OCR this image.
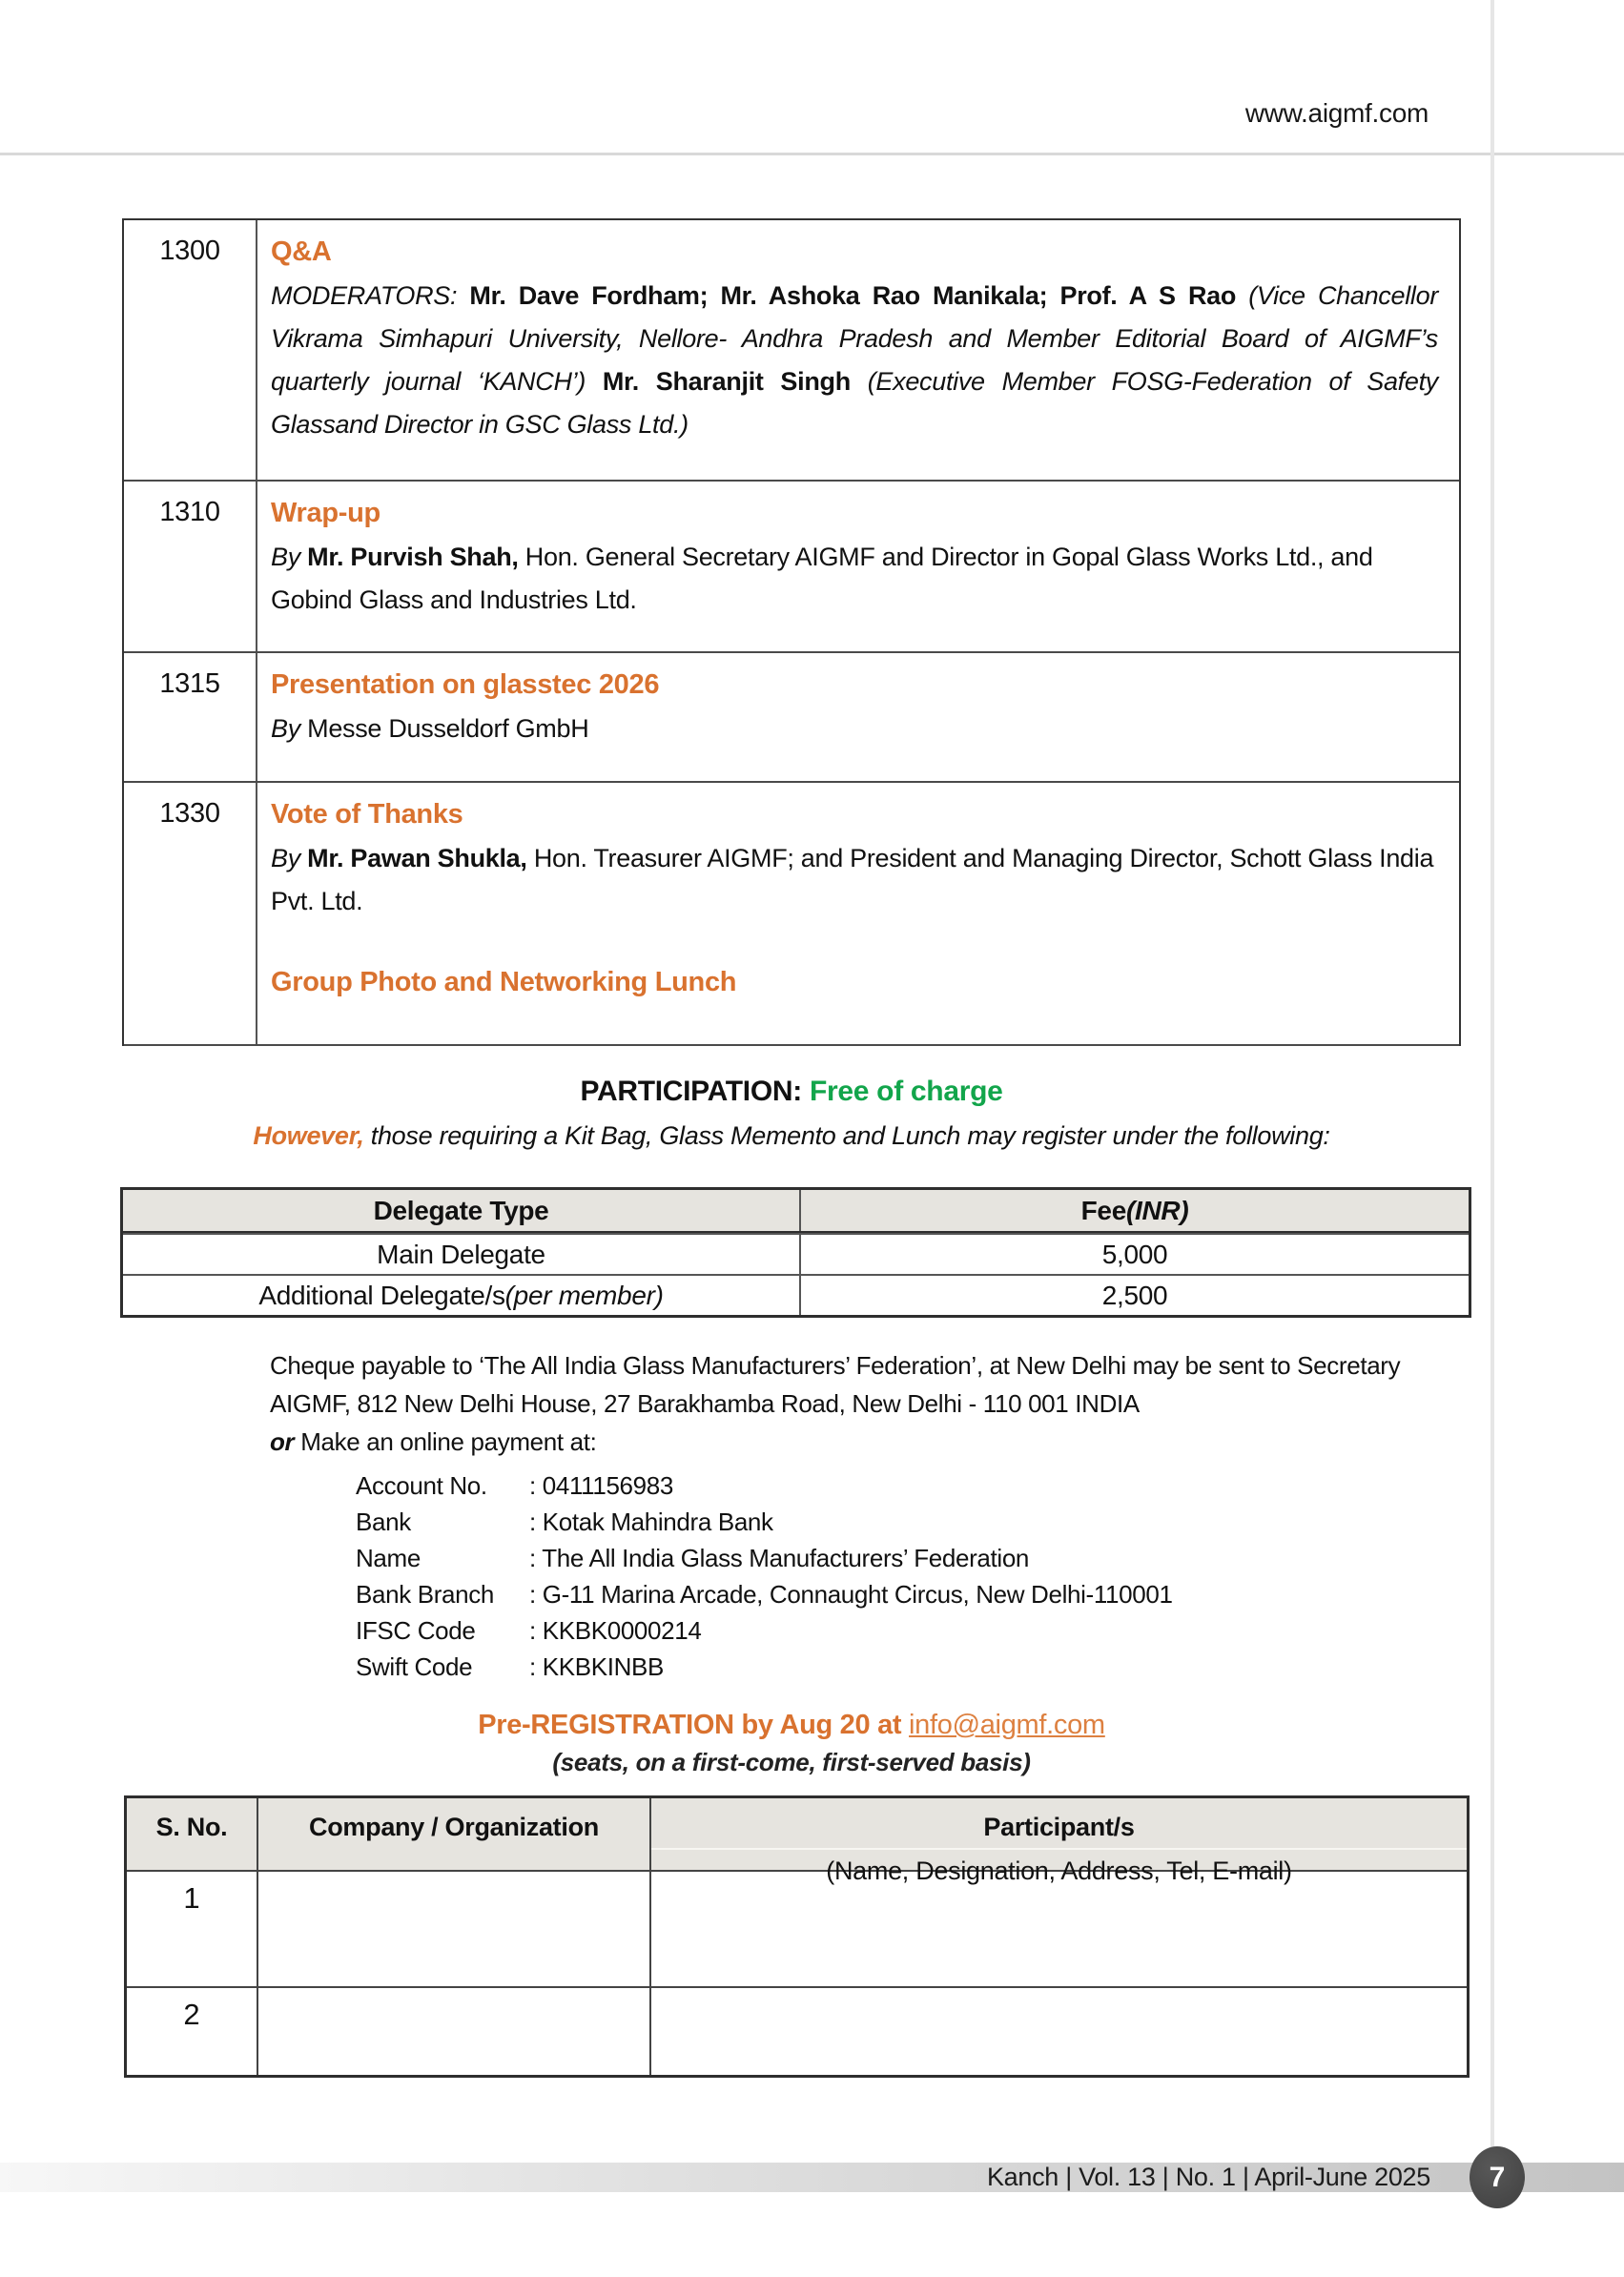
www.aigmf.com
1300	Q&A

MODERATORS: Mr. Dave Fordham; Mr. Ashoka Rao Manikala; Prof. A S Rao (Vice Chancellor Vikrama Simhapuri University, Nellore- Andhra Pradesh and Member Editorial Board of AIGMF’s quarterly journal ‘KANCH’) Mr. Sharanjit Singh (Executive Member FOSG-Federation of Safety Glassand Director in GSC Glass Ltd.)

1310	Wrap-up

By Mr. Purvish Shah, Hon. General Secretary AIGMF and Director in Gopal Glass Works Ltd., and Gobind Glass and Industries Ltd.

1315	Presentation on glasstec 2026

By Messe Dusseldorf GmbH

1330	Vote of Thanks

By Mr. Pawan Shukla, Hon. Treasurer AIGMF; and President and Managing Director, Schott Glass India Pvt. Ltd.

Group Photo and Networking Lunch
PARTICIPATION: Free of charge
However, those requiring a Kit Bag, Glass Memento and Lunch may register under the following:
Delegate Type	Fee (INR)
Main Delegate	5,000
Additional Delegate/s (per member)	2,500

Cheque payable to ‘The All India Glass Manufacturers’ Federation’, at New Delhi may be sent to Secretary AIGMF, 812 New Delhi House, 27 Barakhamba Road, New Delhi - 110 001 INDIA

or Make an online payment at:

Account No.	: 0411156983
Bank	: Kotak Mahindra Bank
Name	: The All India Glass Manufacturers’ Federation
Bank Branch	: G-11 Marina Arcade, Connaught Circus, New Delhi-110001
IFSC Code	: KKBK0000214
Swift Code	: KKBKINBB
Pre-REGISTRATION by Aug 20 at info@aigmf.com
(seats, on a first-come, first-served basis)
S. No.	Company / Organization	Participant/s
(Name, Designation, Address, Tel, E-mail)
1
2
Kanch | Vol. 13 | No. 1 | April-June 2025	7
